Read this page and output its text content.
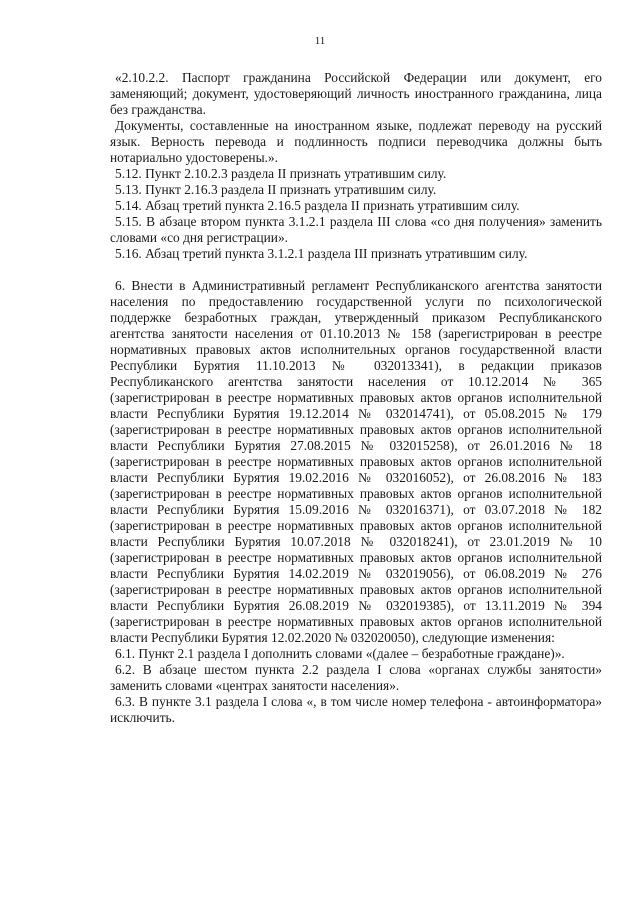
11

«2.10.2.2. Паспорт гражданина Российской Федерации или документ, его заменяющий; документ, удостоверяющий личность иностранного гражданина, лица без гражданства.

Документы, составленные на иностранном языке, подлежат переводу на русский язык. Верность перевода и подлинность подписи переводчика должны быть нотариально удостоверены.».

5.12. Пункт 2.10.2.3 раздела II признать утратившим силу.

5.13. Пункт 2.16.3 раздела II признать утратившим силу.

5.14. Абзац третий пункта 2.16.5 раздела II признать утратившим силу.

5.15. В абзаце втором пункта 3.1.2.1 раздела III слова «со дня получения» заменить словами «со дня регистрации».

5.16. Абзац третий пункта 3.1.2.1 раздела III признать утратившим силу.

6. Внести в Административный регламент Республиканского агентства занятости населения по предоставлению государственной услуги по психологической поддержке безработных граждан, утвержденный приказом Республиканского агентства занятости населения от 01.10.2013 № 158 (зарегистрирован в реестре нормативных правовых актов исполнительных органов государственной власти Республики Бурятия 11.10.2013 № 032013341), в редакции приказов Республиканского агентства занятости населения от 10.12.2014 № 365 (зарегистрирован в реестре нормативных правовых актов органов исполнительной власти Республики Бурятия 19.12.2014 № 032014741), от 05.08.2015 № 179 (зарегистрирован в реестре нормативных правовых актов органов исполнительной власти Республики Бурятия 27.08.2015 № 032015258), от 26.01.2016 № 18 (зарегистрирован в реестре нормативных правовых актов органов исполнительной власти Республики Бурятия 19.02.2016 № 032016052), от 26.08.2016 № 183 (зарегистрирован в реестре нормативных правовых актов органов исполнительной власти Республики Бурятия 15.09.2016 № 032016371), от 03.07.2018 № 182 (зарегистрирован в реестре нормативных правовых актов органов исполнительной власти Республики Бурятия 10.07.2018 № 032018241), от 23.01.2019 № 10 (зарегистрирован в реестре нормативных правовых актов органов исполнительной власти Республики Бурятия 14.02.2019 № 032019056), от 06.08.2019 № 276 (зарегистрирован в реестре нормативных правовых актов органов исполнительной власти Республики Бурятия 26.08.2019 № 032019385), от 13.11.2019 № 394 (зарегистрирован в реестре нормативных правовых актов органов исполнительной власти Республики Бурятия 12.02.2020 № 032020050), следующие изменения:

6.1. Пункт 2.1 раздела I дополнить словами «(далее – безработные граждане)».

6.2. В абзаце шестом пункта 2.2 раздела I слова «органах службы занятости» заменить словами «центрах занятости населения».

6.3. В пункте 3.1 раздела I слова «, в том числе номер телефона - автоинформатора» исключить.
